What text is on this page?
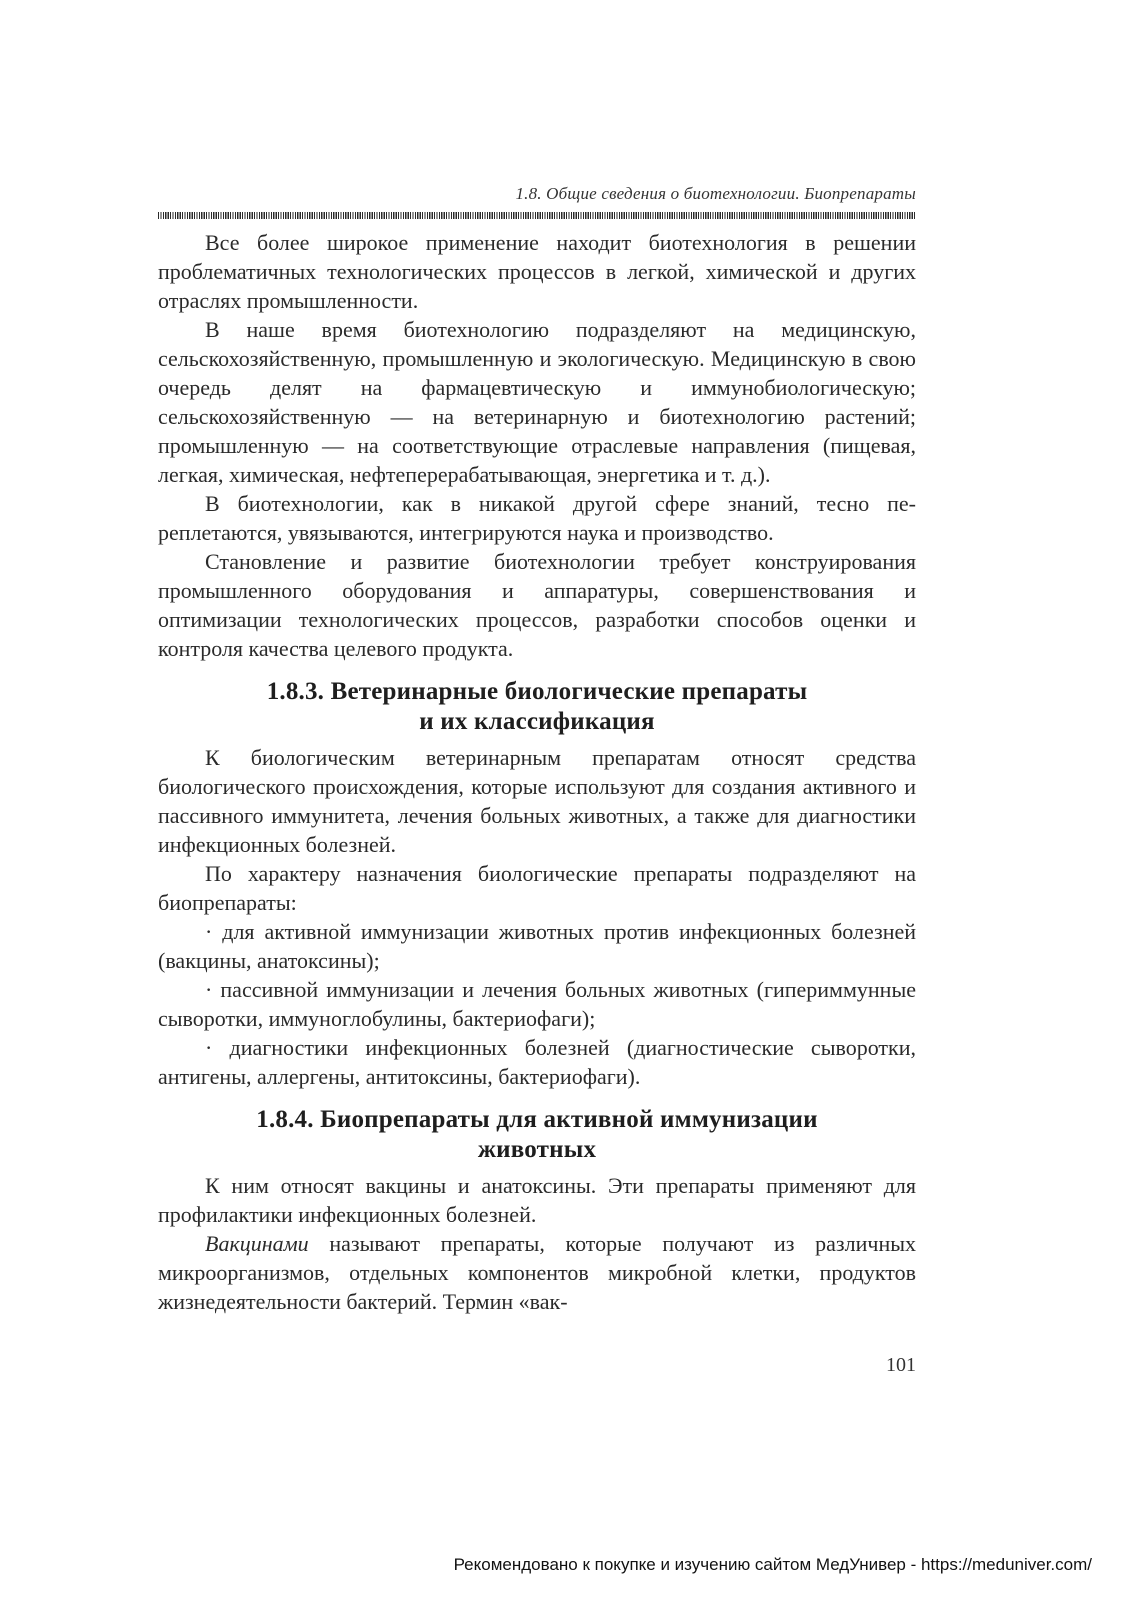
1.8. Общие сведения о биотехнологии. Биопрепараты

Все более широкое применение находит биотехнология в решении проблематичных технологических процессов в легкой, химической и других отраслях промышленности.

В наше время биотехнологию подразделяют на медицинскую, сельскохозяйственную, промышленную и экологическую. Медицинскую в свою очередь делят на фармацевтическую и иммунобиологическую; сельскохозяйственную — на ветеринарную и биотехнологию растений; промышленную — на соответствующие отраслевые направления (пищевая, легкая, химическая, нефтеперерабатывающая, энергетика и т. д.).

В биотехнологии, как в никакой другой сфере знаний, тесно переплетаются, увязываются, интегрируются наука и производство.

Становление и развитие биотехнологии требует конструирования промышленного оборудования и аппаратуры, совершенствования и оптимизации технологических процессов, разработки способов оценки и контроля качества целевого продукта.

1.8.3. Ветеринарные биологические препараты
и их классификация

К биологическим ветеринарным препаратам относят средства биологического происхождения, которые используют для создания активного и пассивного иммунитета, лечения больных животных, а также для диагностики инфекционных болезней.

По характеру назначения биологические препараты подразделяют на биопрепараты:

· для активной иммунизации животных против инфекционных болезней (вакцины, анатоксины);

· пассивной иммунизации и лечения больных животных (гипериммунные сыворотки, иммуноглобулины, бактериофаги);

· диагностики инфекционных болезней (диагностические сыворотки, антигены, аллергены, антитоксины, бактериофаги).

1.8.4. Биопрепараты для активной иммунизации
животных

К ним относят вакцины и анатоксины. Эти препараты применяют для профилактики инфекционных болезней.

Вакцинами называют препараты, которые получают из различных микроорганизмов, отдельных компонентов микробной клетки, продуктов жизнедеятельности бактерий. Термин «вак-

101
Рекомендовано к покупке и изучению сайтом МедУнивер - https://meduniver.com/
